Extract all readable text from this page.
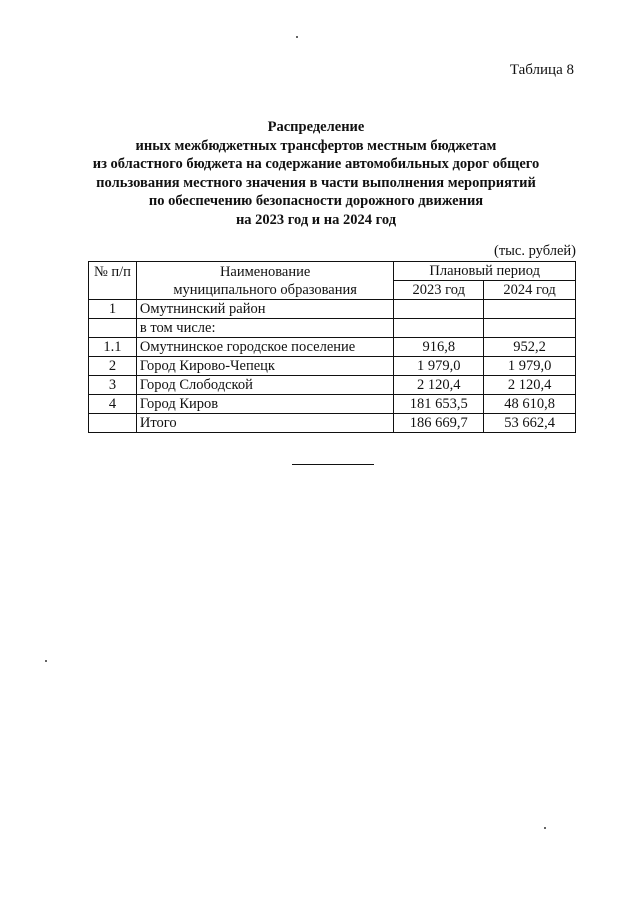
Таблица 8
Распределение
иных межбюджетных трансфертов местным бюджетам
из областного бюджета на содержание автомобильных дорог общего
пользования местного значения в части выполнения мероприятий
по обеспечению безопасности дорожного движения
на 2023 год и на 2024 год
(тыс. рублей)
№ п/п	Наименование	Плановый период	
	муниципального образования	2023 год	2024 год
1	Омутнинский район		
	в том числе:		
1.1	Омутнинское городское поселение	916,8	952,2
2	Город Кирово-Чепецк	1 979,0	1 979,0
3	Город Слободской	2 120,4	2 120,4
4	Город Киров	181 653,5	48 610,8
	Итого	186 669,7	53 662,4
